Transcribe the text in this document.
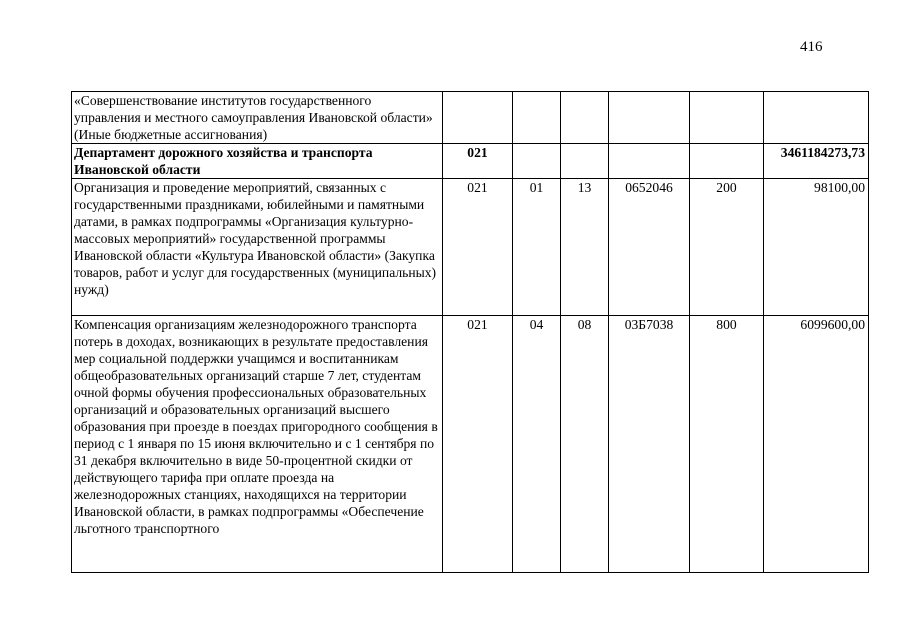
416
«Совершенствование институтов государственного управления и местного самоуправления Ивановской области» (Иные бюджетные ассигнования)						
Департамент дорожного хозяйства и транспорта Ивановской области	021					3461184273,73
Организация и проведение мероприятий, связанных с государственными праздниками, юбилейными и памятными датами, в рамках подпрограммы «Организация культурно-массовых мероприятий» государственной программы Ивановской области «Культура Ивановской области» (Закупка товаров, работ и услуг для государственных (муниципальных) нужд)	021	01	13	0652046	200	98100,00
Компенсация организациям железнодорожного транспорта потерь в доходах, возникающих в результате предоставления мер социальной поддержки учащимся и воспитанникам общеобразовательных организаций старше 7 лет, студентам очной формы обучения профессиональных образовательных организаций и образовательных организаций высшего образования при проезде в поездах пригородного сообщения в период с 1 января по 15 июня включительно и с 1 сентября по 31 декабря включительно в виде 50-процентной скидки от действующего тарифа при оплате проезда на железнодорожных станциях, находящихся на территории Ивановской области, в рамках подпрограммы «Обеспечение льготного транспортного	021	04	08	03Б7038	800	6099600,00
